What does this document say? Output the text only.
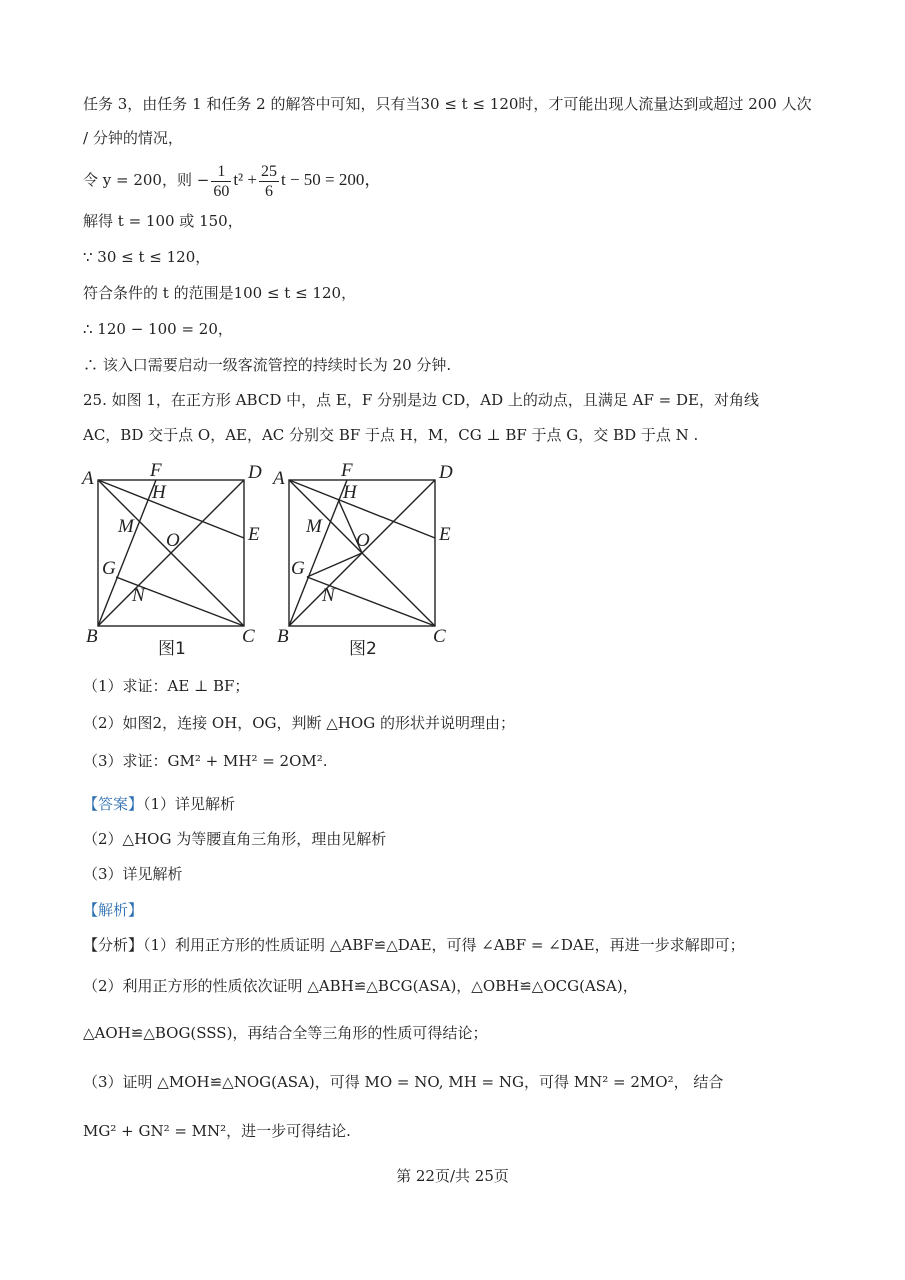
任务 3，由任务 1 和任务 2 的解答中可知，只有当30 ≤ t ≤ 120时，才可能出现人流量达到或超过 200 人次
/ 分钟的情况，
令 y = 200，则 − $\frac{1}{60} t^2 + \frac{25}{6}$ t − 50 = 200，
解得 t = 100 或 150，
∵ 30 ≤ t ≤ 120，
符合条件的 t 的范围是100 ≤ t ≤ 120，
∴ 120 − 100 = 20，
∴ 该入口需要启动一级客流管控的持续时长为 20 分钟.
25. 如图 1，在正方形 ABCD 中，点 E，F 分别是边 CD，AD 上的动点，且满足 AF = DE，对角线
AC，BD 交于点 O，AE，AC 分别交 BF 于点 H，M，CG ⊥ BF 于点 G，交 BD 于点 N .
A
B	C
D
E
F
H
M
O
G
N
图1
A
B	C
D
E
F
H
M
O
G
N
图2
（1）求证：AE ⊥ BF；
（2）如图2，连接 OH，OG，判断 △HOG 的形状并说明理由；
（3）求证：GM² + MH² = 2OM².
【答案】（1）详见解析
（2）△HOG 为等腰直角三角形，理由见解析
（3）详见解析
【解析】
【分析】（1）利用正方形的性质证明 △ABF≌△DAE，可得 ∠ABF = ∠DAE，再进一步求解即可；
（2）利用正方形的性质依次证明 △ABH≌△BCG(ASA)，△OBH≌△OCG(ASA)，
△AOH≌△BOG(SSS)，再结合全等三角形的性质可得结论；
（3）证明 △MOH≌△NOG(ASA)，可得 MO = NO, MH = NG，可得 MN² = 2MO²， 结合
MG² + GN² = MN²，进一步可得结论.
第 22页/共 25页
